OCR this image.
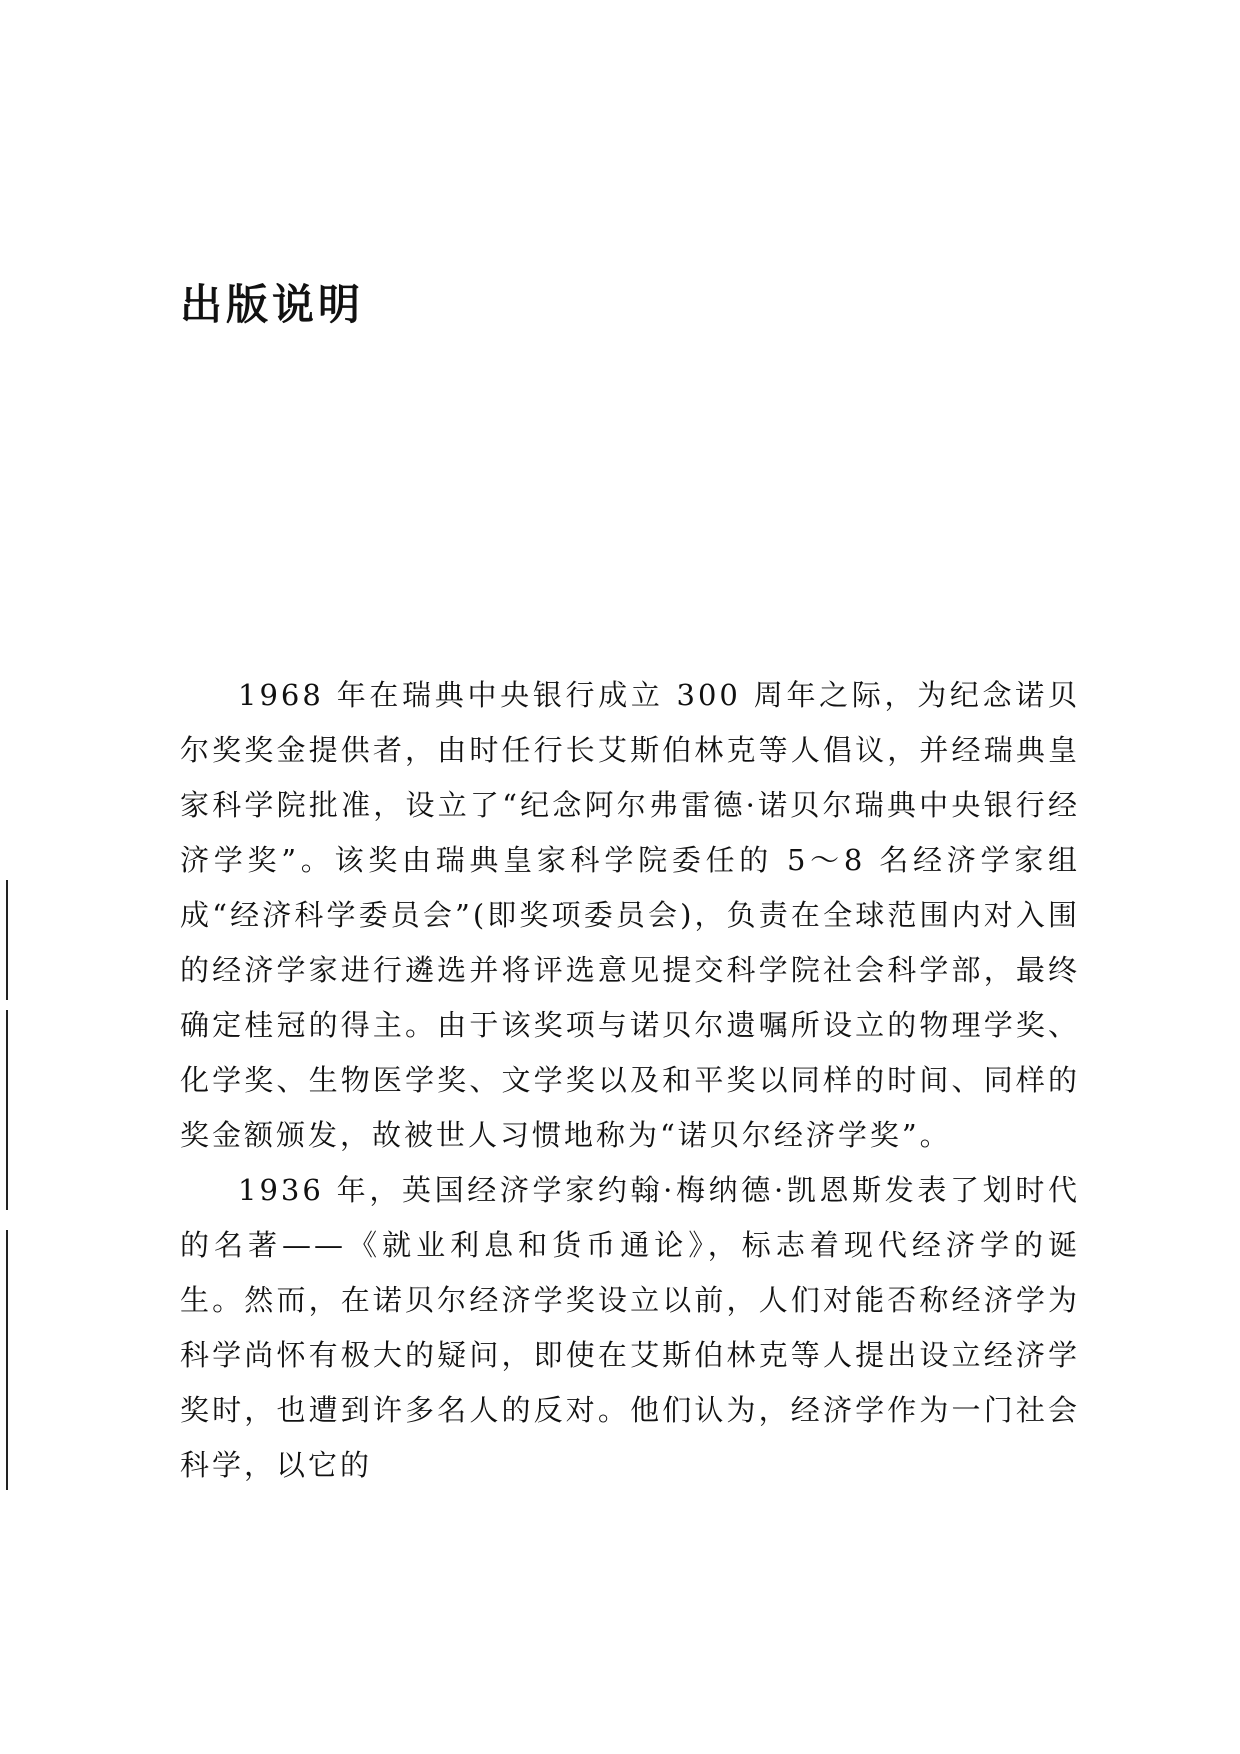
出版说明

1968 年在瑞典中央银行成立 300 周年之际，为纪念诺贝尔奖奖金提供者，由时任行长艾斯伯林克等人倡议，并经瑞典皇家科学院批准，设立了“纪念阿尔弗雷德·诺贝尔瑞典中央银行经济学奖”。该奖由瑞典皇家科学院委任的 5～8 名经济学家组成“经济科学委员会”(即奖项委员会)，负责在全球范围内对入围的经济学家进行遴选并将评选意见提交科学院社会科学部，最终确定桂冠的得主。由于该奖项与诺贝尔遗嘱所设立的物理学奖、化学奖、生物医学奖、文学奖以及和平奖以同样的时间、同样的奖金额颁发，故被世人习惯地称为“诺贝尔经济学奖”。

1936 年，英国经济学家约翰·梅纳德·凯恩斯发表了划时代的名著——《就业利息和货币通论》，标志着现代经济学的诞生。然而，在诺贝尔经济学奖设立以前，人们对能否称经济学为科学尚怀有极大的疑问，即使在艾斯伯林克等人提出设立经济学奖时，也遭到许多名人的反对。他们认为，经济学作为一门社会科学，以它的
